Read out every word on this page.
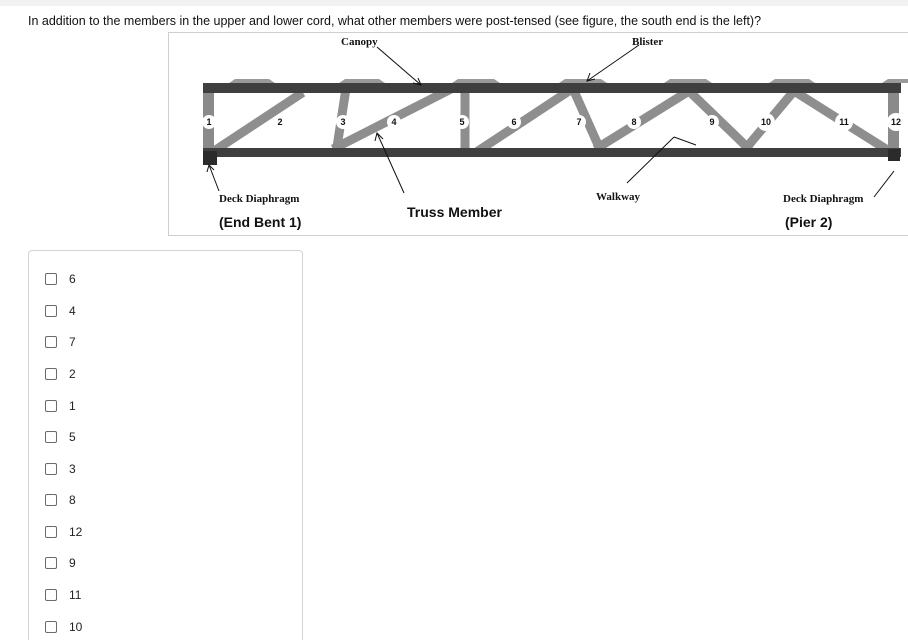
In addition to the members in the upper and lower cord, what other members were post-tensed (see figure, the south end is the left)?
1	2	3	4	5	6	7	8	9	10	11	12
Canopy	Blister
Deck Diaphragm
(End Bent 1)
Truss Member
Walkway	Deck Diaphragm
(Pier 2)
6
4
7
2
1
5
3
8
12
9
11
10
